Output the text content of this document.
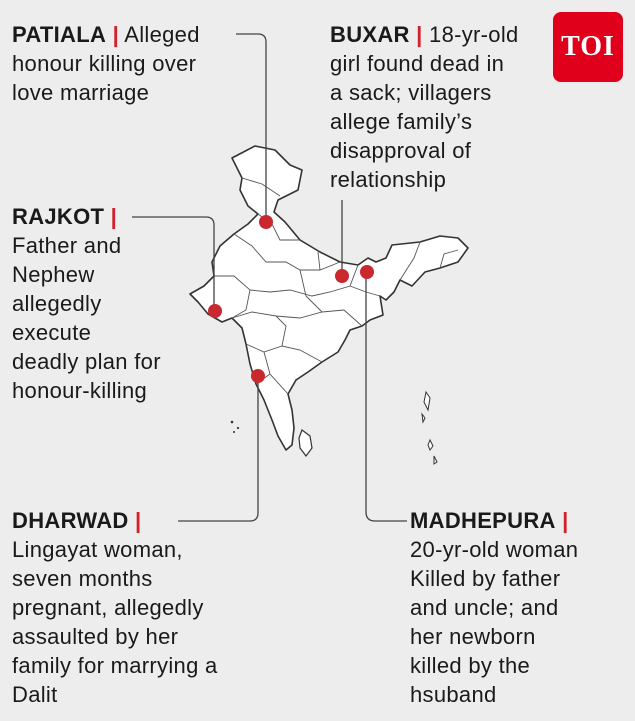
TOI
PATIALA | Alleged
honour killing over
love marriage
BUXAR | 18-yr-old
girl found dead in
a sack; villagers
allege family’s
disapproval of
relationship
RAJKOT |
Father and
Nephew
allegedly
execute
deadly plan for
honour-killing
DHARWAD |
Lingayat woman,
seven months
pregnant, allegedly
assaulted by her
family for marrying a
Dalit
MADHEPURA |
20-yr-old woman
Killed by father
and uncle; and
her newborn
killed by the
hsuband
